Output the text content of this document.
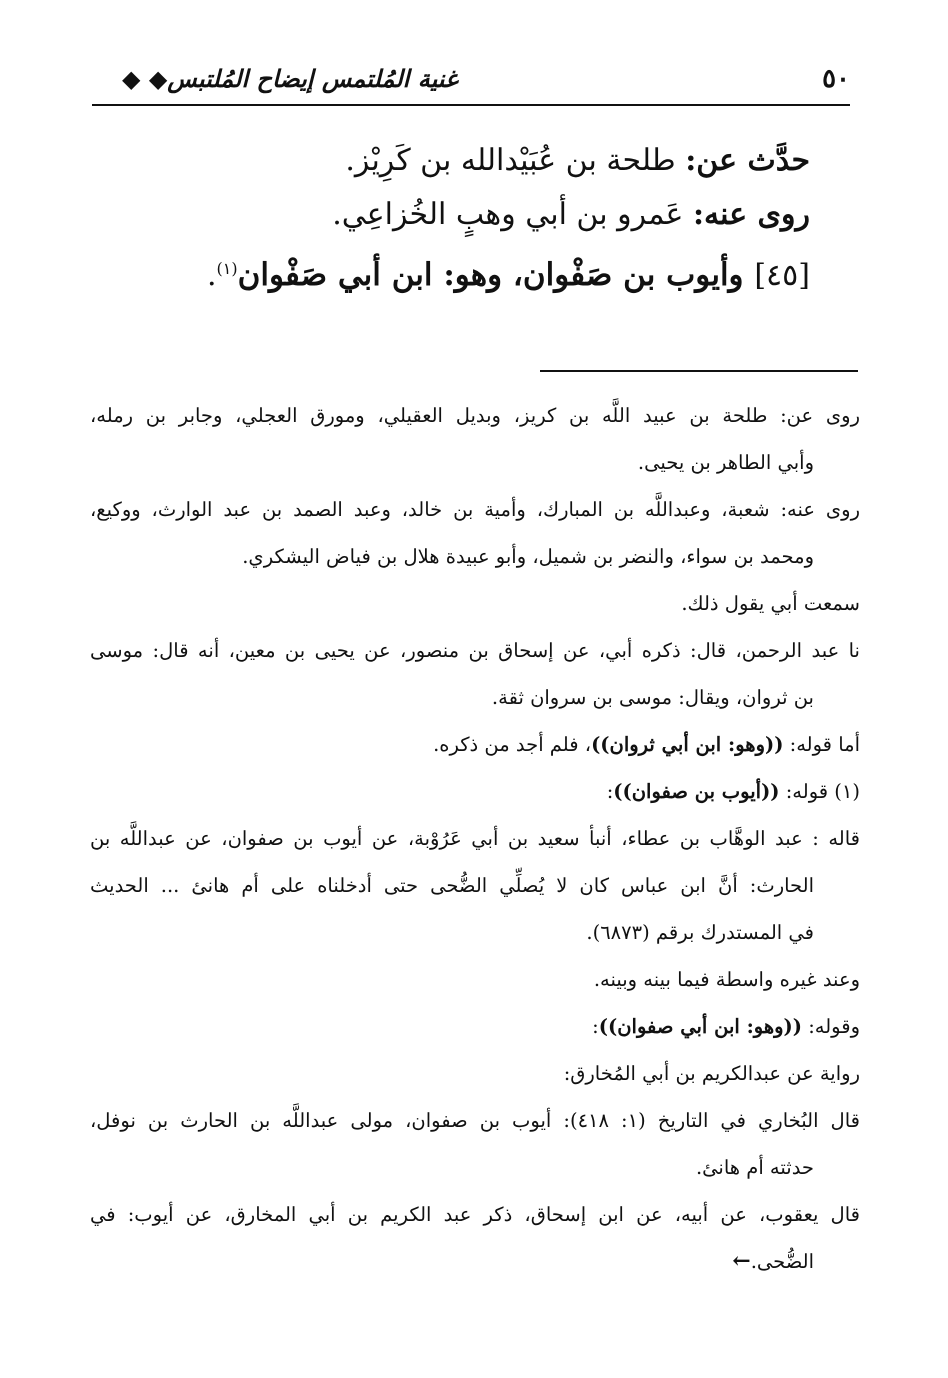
٥٠
غنية المُلتمس إيضاح المُلتبس◆ ◆
حدَّث عن: طلحة بن عُبَيْدالله بن كَرِيْز.
روى عنه: عَمرو بن أبي وهبٍ الخُزاعِي.
[٤٥] وأيوب بن صَفْوان، وهو: ابن أبي صَفْوان$^{(١)}$.
روى عن: طلحة بن عبيد اللَّه بن كريز، وبديل العقيلي، ومورق العجلي، وجابر بن رمله،
وأبي الطاهر بن يحيى.
روى عنه: شعبة، وعبداللَّه بن المبارك، وأمية بن خالد، وعبد الصمد بن عبد الوارث، ووكيع،
ومحمد بن سواء، والنضر بن شميل، وأبو عبيدة هلال بن فياض اليشكري.
سمعت أبي يقول ذلك.
نا عبد الرحمن، قال: ذكره أبي، عن إسحاق بن منصور، عن يحيى بن معين، أنه قال: موسى
بن ثروان، ويقال: موسى بن سروان ثقة.
أما قوله: ((وهو: ابن أبي ثروان))، فلم أجد من ذكره.
(١) قوله: ((أيوب بن صفوان)):
قاله : عبد الوهَّاب بن عطاء، أنبأ سعيد بن أبي عَرُوْبة، عن أيوب بن صفوان، عن عبداللَّه بن
الحارث: أنَّ ابن عباس كان لا يُصلِّي الضُّحى حتى أدخلناه على أم هانئ ... الحديث
في المستدرك برقم (٦٨٧٣).
وعند غيره واسطة فيما بينه وبينه.
وقوله: ((وهو: ابن أبي صفوان)):
رواية عن عبدالكريم بن أبي المُخارق:
قال البُخاري في التاريخ (١: ٤١٨): أيوب بن صفوان، مولى عبداللَّه بن الحارث بن نوفل،
حدثته أم هانئ.
قال يعقوب، عن أبيه، عن ابن إسحاق، ذكر عبد الكريم بن أبي المخارق، عن أيوب: في
الضُّحى.←
